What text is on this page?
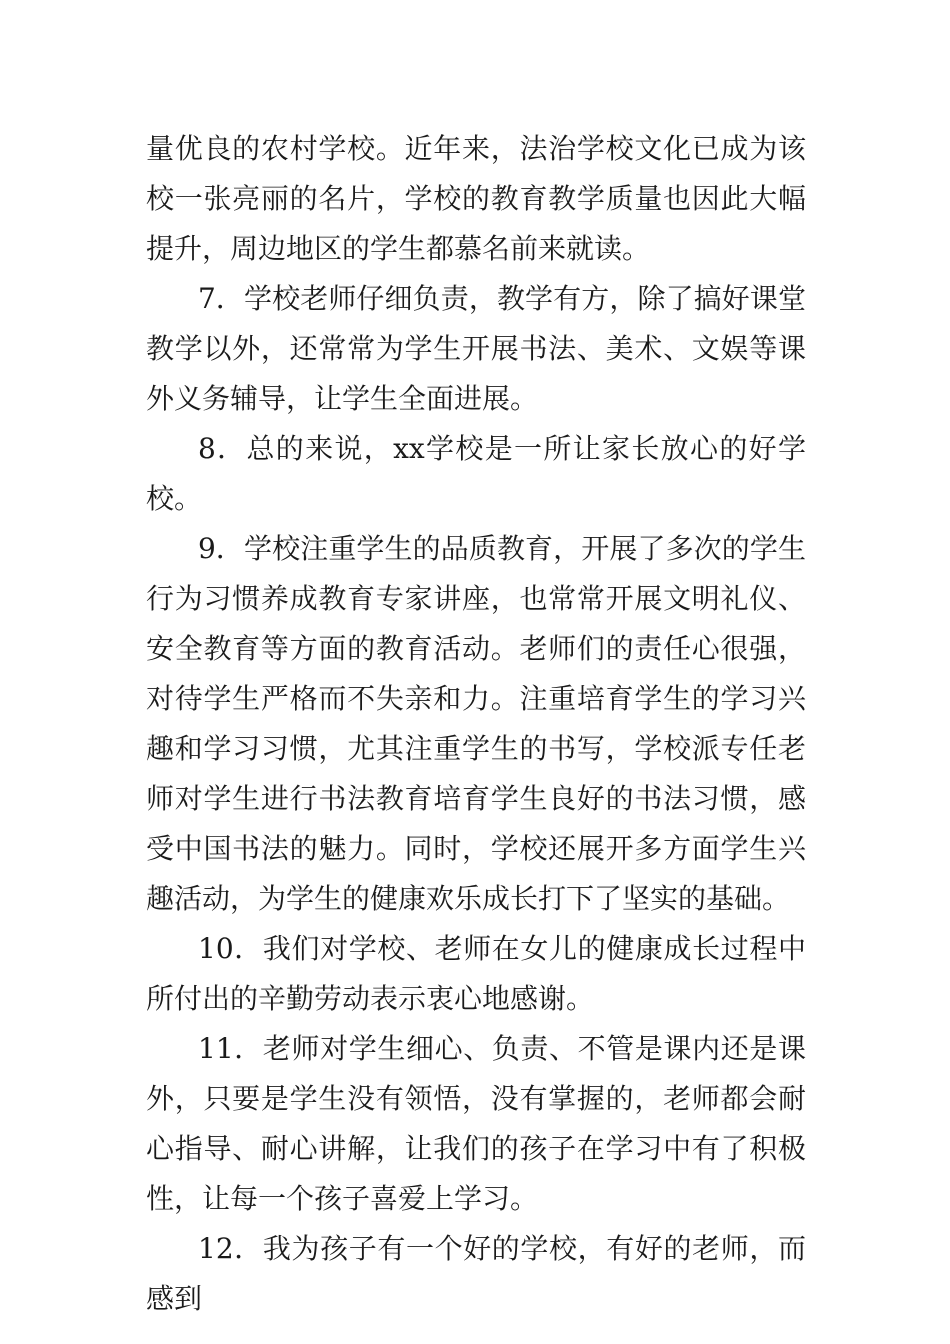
量优良的农村学校。近年来，法治学校文化已成为该校一张亮丽的名片，学校的教育教学质量也因此大幅提升，周边地区的学生都慕名前来就读。

7．学校老师仔细负责，教学有方，除了搞好课堂教学以外，还常常为学生开展书法、美术、文娱等课外义务辅导，让学生全面进展。

8．总的来说，xx学校是一所让家长放心的好学校。

9．学校注重学生的品质教育，开展了多次的学生行为习惯养成教育专家讲座，也常常开展文明礼仪、安全教育等方面的教育活动。老师们的责任心很强，对待学生严格而不失亲和力。注重培育学生的学习兴趣和学习习惯，尤其注重学生的书写，学校派专任老师对学生进行书法教育培育学生良好的书法习惯，感受中国书法的魅力。同时，学校还展开多方面学生兴趣活动，为学生的健康欢乐成长打下了坚实的基础。

10．我们对学校、老师在女儿的健康成长过程中所付出的辛勤劳动表示衷心地感谢。

11．老师对学生细心、负责、不管是课内还是课外，只要是学生没有领悟，没有掌握的，老师都会耐心指导、耐心讲解，让我们的孩子在学习中有了积极性，让每一个孩子喜爱上学习。

12．我为孩子有一个好的学校，有好的老师，而感到
